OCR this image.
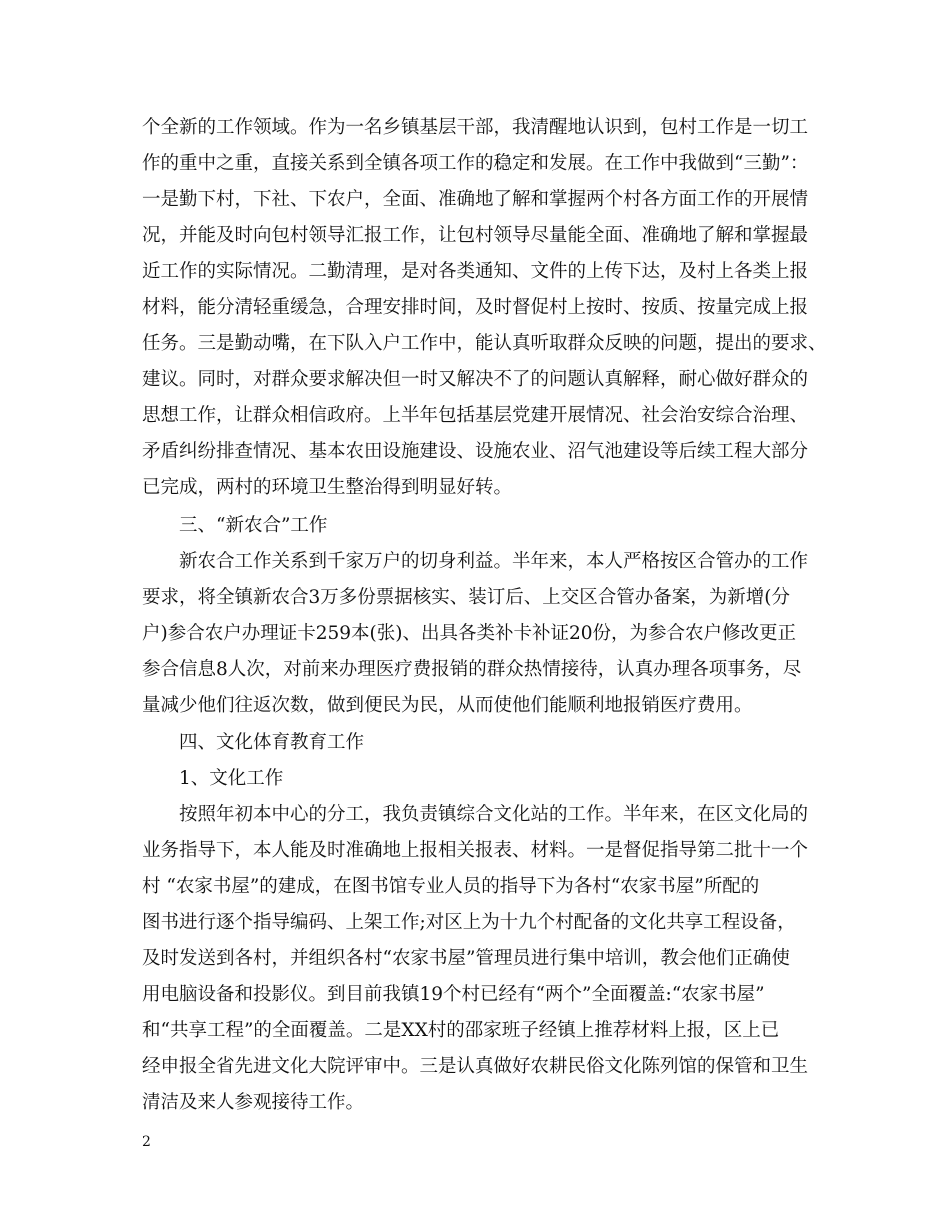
个全新的工作领域。作为一名乡镇基层干部，我清醒地认识到，包村工作是一切工
作的重中之重，直接关系到全镇各项工作的稳定和发展。在工作中我做到“三勤”：
一是勤下村，下社、下农户，全面、准确地了解和掌握两个村各方面工作的开展情
况，并能及时向包村领导汇报工作，让包村领导尽量能全面、准确地了解和掌握最
近工作的实际情况。二勤清理，是对各类通知、文件的上传下达，及村上各类上报
材料，能分清轻重缓急，合理安排时间，及时督促村上按时、按质、按量完成上报
任务。三是勤动嘴，在下队入户工作中，能认真听取群众反映的问题，提出的要求、
建议。同时，对群众要求解决但一时又解决不了的问题认真解释，耐心做好群众的
思想工作，让群众相信政府。上半年包括基层党建开展情况、社会治安综合治理、
矛盾纠纷排查情况、基本农田设施建设、设施农业、沼气池建设等后续工程大部分
已完成，两村的环境卫生整治得到明显好转。
三、“新农合”工作
新农合工作关系到千家万户的切身利益。半年来，本人严格按区合管办的工作
要求，将全镇新农合3万多份票据核实、装订后、上交区合管办备案，为新增(分
户)参合农户办理证卡259本(张)、出具各类补卡补证20份，为参合农户修改更正
参合信息8人次，对前来办理医疗费报销的群众热情接待，认真办理各项事务，尽
量减少他们往返次数，做到便民为民，从而使他们能顺利地报销医疗费用。
四、文化体育教育工作
1、文化工作
按照年初本中心的分工，我负责镇综合文化站的工作。半年来，在区文化局的
业务指导下，本人能及时准确地上报相关报表、材料。一是督促指导第二批十一个
村 “农家书屋”的建成，在图书馆专业人员的指导下为各村“农家书屋”所配的
图书进行逐个指导编码、上架工作;对区上为十九个村配备的文化共享工程设备，
及时发送到各村，并组织各村“农家书屋”管理员进行集中培训，教会他们正确使
用电脑设备和投影仪。到目前我镇19个村已经有“两个”全面覆盖:“农家书屋”
和“共享工程”的全面覆盖。二是XX村的邵家班子经镇上推荐材料上报，区上已
经申报全省先进文化大院评审中。三是认真做好农耕民俗文化陈列馆的保管和卫生
清洁及来人参观接待工作。
2
